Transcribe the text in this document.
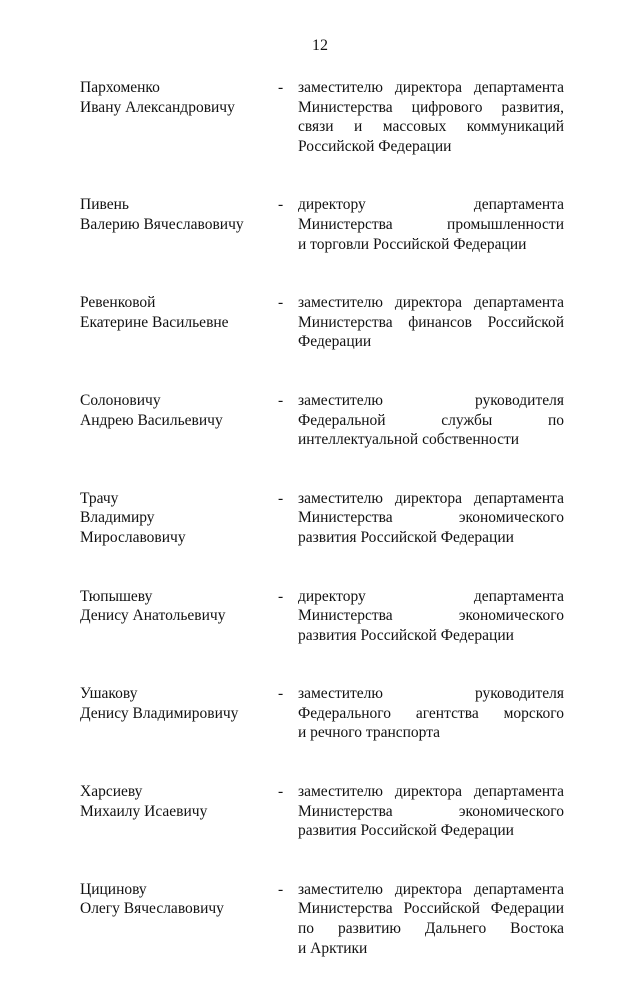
12
Пархоменко
Ивану Александровичу
- заместителю директора департамента
Министерства цифрового развития,
связи и массовых коммуникаций
Российской Федерации
Пивень
Валерию Вячеславовичу
- директору департамента
Министерства промышленности
и торговли Российской Федерации
Ревенковой
Екатерине Васильевне
- заместителю директора департамента
Министерства финансов Российской
Федерации
Солоновичу
Андрею Васильевичу
- заместителю руководителя
Федеральной службы по
интеллектуальной собственности
Трачу
Владимиру
Мирославовичу
- заместителю директора департамента
Министерства экономического
развития Российской Федерации
Тюпышеву
Денису Анатольевичу
- директору департамента
Министерства экономического
развития Российской Федерации
Ушакову
Денису Владимировичу
- заместителю руководителя
Федерального агентства морского
и речного транспорта
Харсиеву
Михаилу Исаевичу
- заместителю директора департамента
Министерства экономического
развития Российской Федерации
Цицинову
Олегу Вячеславовичу
- заместителю директора департамента
Министерства Российской Федерации
по развитию Дальнего Востока
и Арктики
